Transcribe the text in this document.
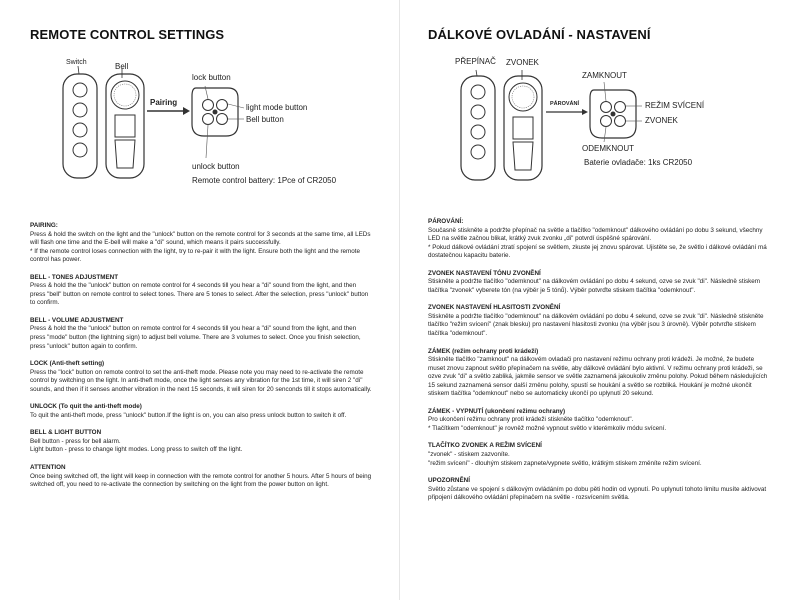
REMOTE CONTROL SETTINGS
Switch	Bell
Pairing
lock button
light mode button
Bell button
unlock button
Remote control battery: 1Pce of CR2050
PAIRING:

Press & hold the switch on the light and the "unlock" button on the remote control for 3 seconds at the same time, all LEDs will flash one time and the E-bell will make a "di" sound, which means it pairs successfully.

* If the remote control loses connection with the light, try to re-pair it with the light. Ensure both the light and the remote control has power.

BELL - TONES ADJUSTMENT

Press & hold the the "unlock" button on remote control for 4 seconds till you hear a "di" sound from the light, and then press "bell" button on remote control to select tones. There are 5 tones to select. After the selection, press "unlock" button to confirm.

BELL - VOLUME ADJUSTMENT

Press & hold the the "unlock" button on remote control for 4 seconds till you hear a "di" sound from the light, and then press "mode" button (the lightning sign) to adjust bell volume. There are 3 volumes to select. Once you finish selection, press "unlock" button again to confirm.

LOCK (Anti-theft setting)

Press the "lock" button on remote control to set the anti-theft mode. Please note you may need to re-activate the remote control by switching on the light. In anti-theft mode, once the light senses any vibration for the 1st time, it will siren 2 "di" sounds, and then if it senses another vibration in the next 15 seconds, it will siren for 20 senconds till it stops automatically.

UNLOCK (To quit the anti-theft mode)

To quit the anti-theft mode, press "unlock" button.If the light is on, you can also press unlock button to switch it off.

BELL & LIGHT BUTTON

Bell button - press for bell alarm.

Light button - press to change light modes. Long press to switch off the light.

ATTENTION

Once being switched off, the light will keep in connection with the remote control for another 5 hours. After 5 hours of being switched off, you need to re-activate the connection by switching on the light from the power button on light.

DÁLKOVÉ OVLADÁNÍ - NASTAVENÍ
PŘEPÍNAČ ZVONEK
PÁROVÁNÍ
ZAMKNOUT
REŽIM SVÍCENÍ
ZVONEK
ODEMKNOUT
Baterie ovladače: 1ks CR2050
PÁROVÁNÍ:

Současně stiskněte a podržte přepínač na světle a tlačítko "odemknout" dálkového ovládání po dobu 3 sekund, všechny LED na světle začnou blikat, krátký zvuk zvonku „di" potvrdí úspěšné spárování.

* Pokud dálkové ovládání ztratí spojení se světlem, zkuste jej znovu spárovat. Ujistěte se, že světlo i dálkové ovládání má dostatečnou kapacitu baterie.

ZVONEK NASTAVENÍ TÓNU ZVONĚNÍ

Stiskněte a podržte tlačítko "odemknout" na dálkovém ovládání po dobu 4 sekund, ozve se zvuk "di". Následně stiskem tlačítka "zvonek" vyberete tón (na výběr je 5 tónů). Výběr potvrďte stiskem tlačítka "odemknout".

ZVONEK NASTAVENÍ HLASITOSTI ZVONĚNÍ

Stiskněte a podržte tlačítko "odemknout" na dálkovém ovládání po dobu 4 sekund, ozve se zvuk "di". Následně stiskněte tlačítko "režim svícení" (znak blesku) pro nastavení hlasitosti zvonku (na výběr jsou 3 úrovně). Výběr potvrďte stiskem tlačítka "odemknout".

ZÁMEK (režim ochrany proti krádeži)

Stiskněte tlačítko "zamknout" na dálkovém ovladači pro nastavení režimu ochrany proti krádeži. Je možné, že budete muset znovu zapnout světlo přepínačem na světle, aby dálkové ovládání bylo aktivní. V režimu ochrany proti krádeži, se ozve zvuk "di" a světlo zabliká, jakmile sensor ve světle zaznamená jakoukoliv změnu polohy. Pokud během následujících 15 sekund zaznamená sensor další změnu polohy, spustí se houkání a světlo se rozbliká. Houkání je možné ukončit stiskem tlačítka "odemknout" nebo se automaticky ukončí po uplynutí 20 sekund.

ZÁMEK - VYPNUTÍ (ukončení režimu ochrany)

Pro ukončení režimu ochrany proti krádeži stiskněte tlačítko "odemknout".

* Tlačítkem "odemknout" je rovněž možné vypnout světlo v kterémkoliv módu svícení.

TLAČÍTKO ZVONEK A REŽIM SVÍCENÍ

"zvonek" - stiskem zazvoníte.

"režim svícení" - dlouhým stiskem zapnete/vypnete světlo, krátkým stiskem změníte režim svícení.

UPOZORNĚNÍ

Světlo zůstane ve spojení s dálkovým ovládáním po dobu pěti hodin od vypnutí. Po uplynutí tohoto limitu musíte aktivovat připojení dálkového ovládání přepínačem na světle - rozsvícením světla.
